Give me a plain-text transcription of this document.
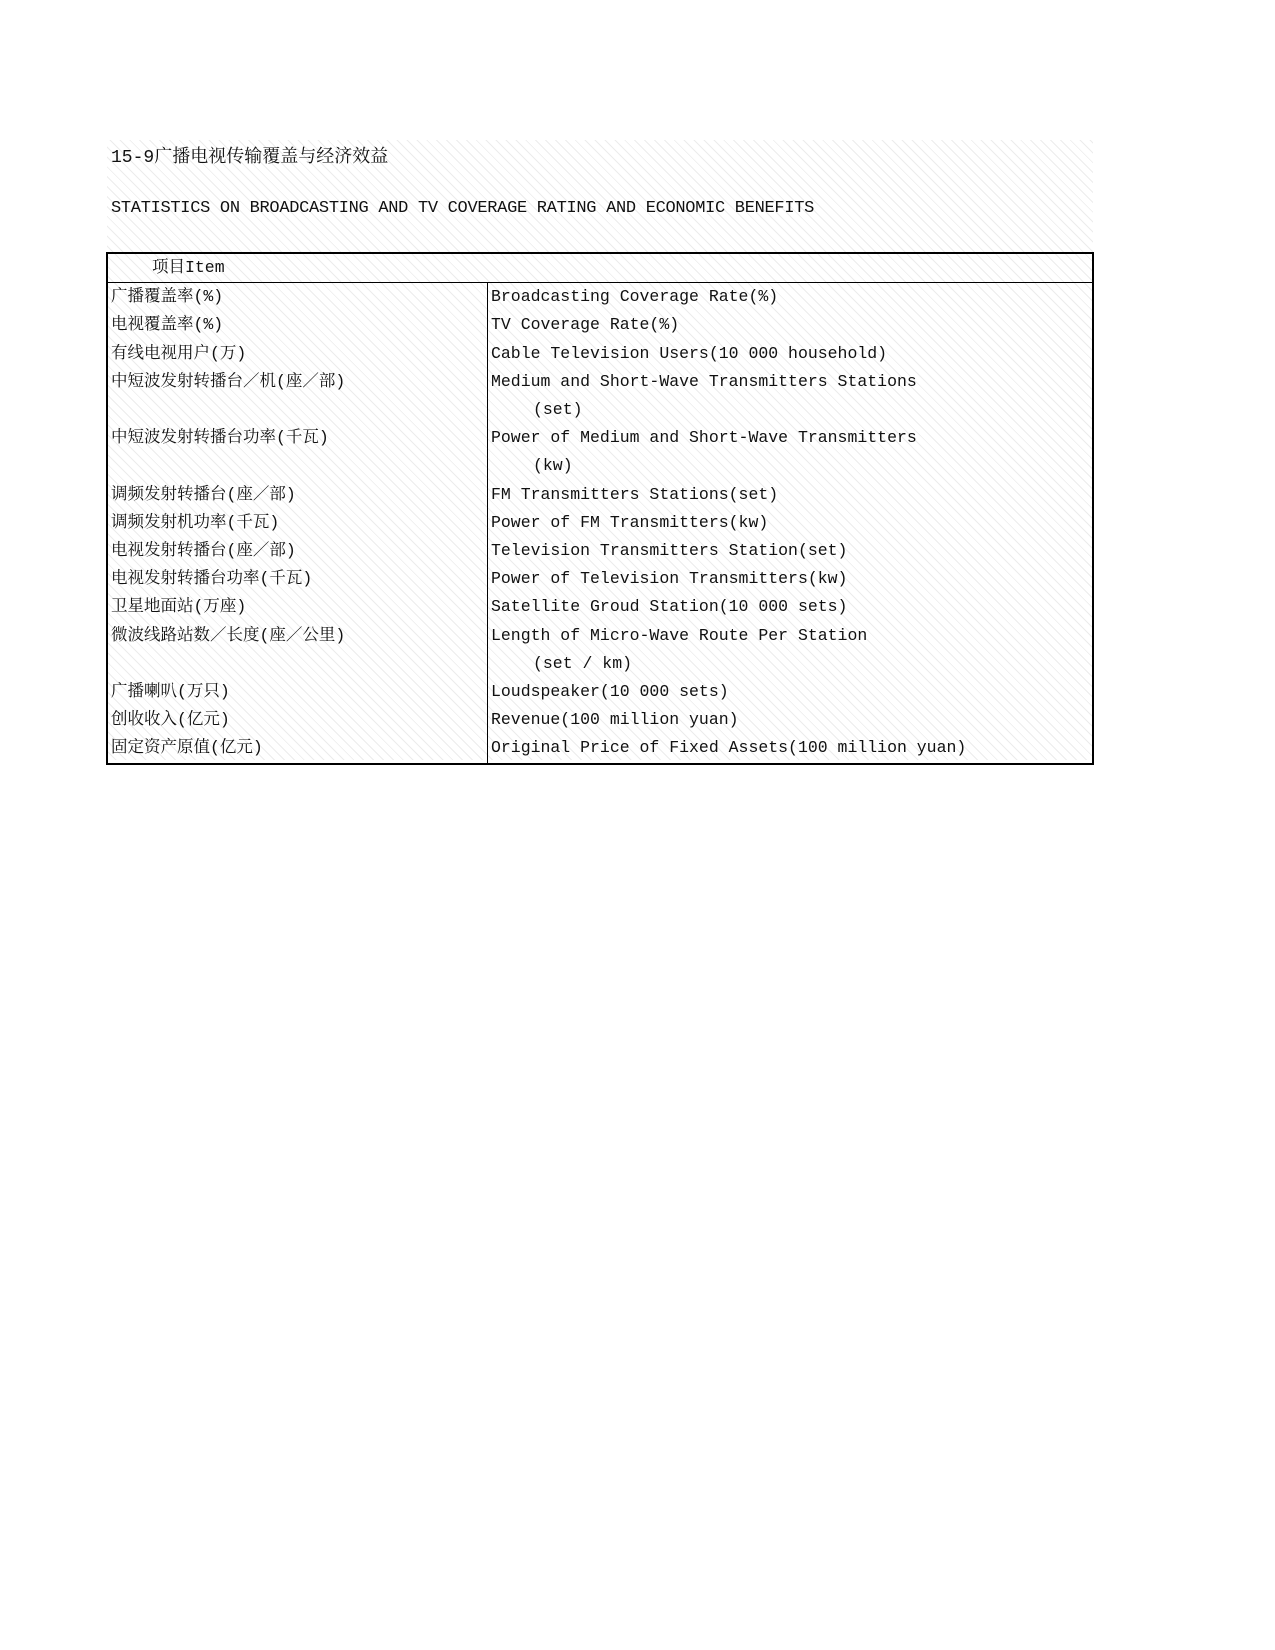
15-9广播电视传输覆盖与经济效益
STATISTICS ON BROADCASTING AND TV COVERAGE RATING AND ECONOMIC BENEFITS
项目Item	
广播覆盖率(%)	Broadcasting Coverage Rate(%)

电视覆盖率(%)	TV Coverage Rate(%)

有线电视用户(万)	Cable Television Users(10 000 household)

中短波发射转播台／机(座／部)	Medium and Short-Wave Transmitters Stations
(set)

中短波发射转播台功率(千瓦)	Power of Medium and Short-Wave Transmitters
(kw)

调频发射转播台(座／部)	FM Transmitters Stations(set)

调频发射机功率(千瓦)	Power of FM Transmitters(kw)

电视发射转播台(座／部)	Television Transmitters Station(set)

电视发射转播台功率(千瓦)	Power of Television Transmitters(kw)

卫星地面站(万座)	Satellite Groud Station(10 000 sets)

微波线路站数／长度(座／公里)	Length of Micro-Wave Route Per Station
(set / km)

广播喇叭(万只)	Loudspeaker(10 000 sets)

创收收入(亿元)	Revenue(100 million yuan)

固定资产原值(亿元)	Original Price of Fixed Assets(100 million yuan)
